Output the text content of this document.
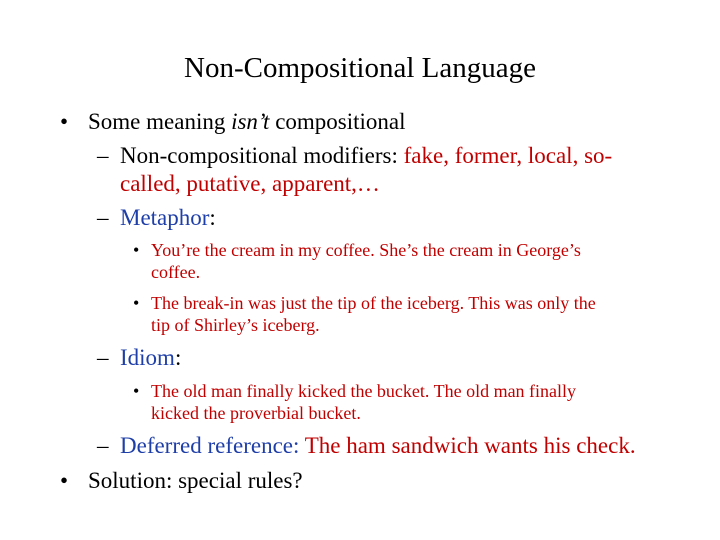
Non-Compositional Language
• Some meaning isn’t compositional
– Non-compositional modifiers: fake, former, local, so-
called, putative, apparent,…
– Metaphor:
• You’re the cream in my coffee. She’s the cream in George’s
coffee.
• The break-in was just the tip of the iceberg. This was only the
tip of Shirley’s iceberg.
– Idiom:
• The old man finally kicked the bucket. The old man finally
kicked the proverbial bucket.
– Deferred reference: The ham sandwich wants his check.
• Solution: special rules?
